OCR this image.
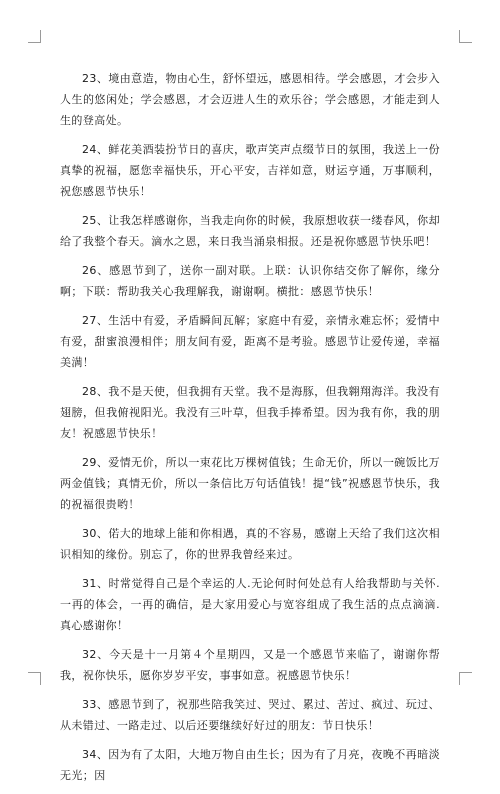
23、境由意造，物由心生，舒怀望远，感恩相待。学会感恩，才会步入人生的悠闲处；学会感恩，才会迈进人生的欢乐谷；学会感恩，才能走到人生的登高处。

24、鲜花美酒装扮节日的喜庆，歌声笑声点缀节日的氛围，我送上一份真挚的祝福，愿您幸福快乐，开心平安，吉祥如意，财运亨通，万事顺利，祝您感恩节快乐！

25、让我怎样感谢你，当我走向你的时候，我原想收获一缕春风，你却给了我整个春天。滴水之恩，来日我当涌泉相报。还是祝你感恩节快乐吧！

26、感恩节到了，送你一副对联。上联：认识你结交你了解你，缘分啊；下联：帮助我关心我理解我，谢谢啊。横批：感恩节快乐！

27、生活中有爱，矛盾瞬间瓦解；家庭中有爱，亲情永难忘怀；爱情中有爱，甜蜜浪漫相伴；朋友间有爱，距离不是考验。感恩节让爱传递，幸福美满！

28、我不是天使，但我拥有天堂。我不是海豚，但我翱翔海洋。我没有翅膀，但我俯视阳光。我没有三叶草，但我手捧希望。因为我有你，我的朋友！祝感恩节快乐！

29、爱情无价，所以一束花比万棵树值钱；生命无价，所以一碗饭比万两金值钱；真情无价，所以一条信比万句话值钱！提“钱”祝感恩节快乐，我的祝福很贵哟！

30、偌大的地球上能和你相遇，真的不容易，感谢上天给了我们这次相识相知的缘份。别忘了，你的世界我曾经来过。

31、时常觉得自己是个幸运的人.无论何时何处总有人给我帮助与关怀.一再的体会，一再的确信，是大家用爱心与宽容组成了我生活的点点滴滴.真心感谢你！

32、今天是十一月第４个星期四，又是一个感恩节来临了，谢谢你帮我，祝你快乐，愿你岁岁平安，事事如意。祝感恩节快乐！

33、感恩节到了，祝那些陪我笑过、哭过、累过、苦过、疯过、玩过、从未错过、一路走过、以后还要继续好好过的朋友：节日快乐！

34、因为有了太阳，大地万物自由生长；因为有了月亮，夜晚不再暗淡无光；因
